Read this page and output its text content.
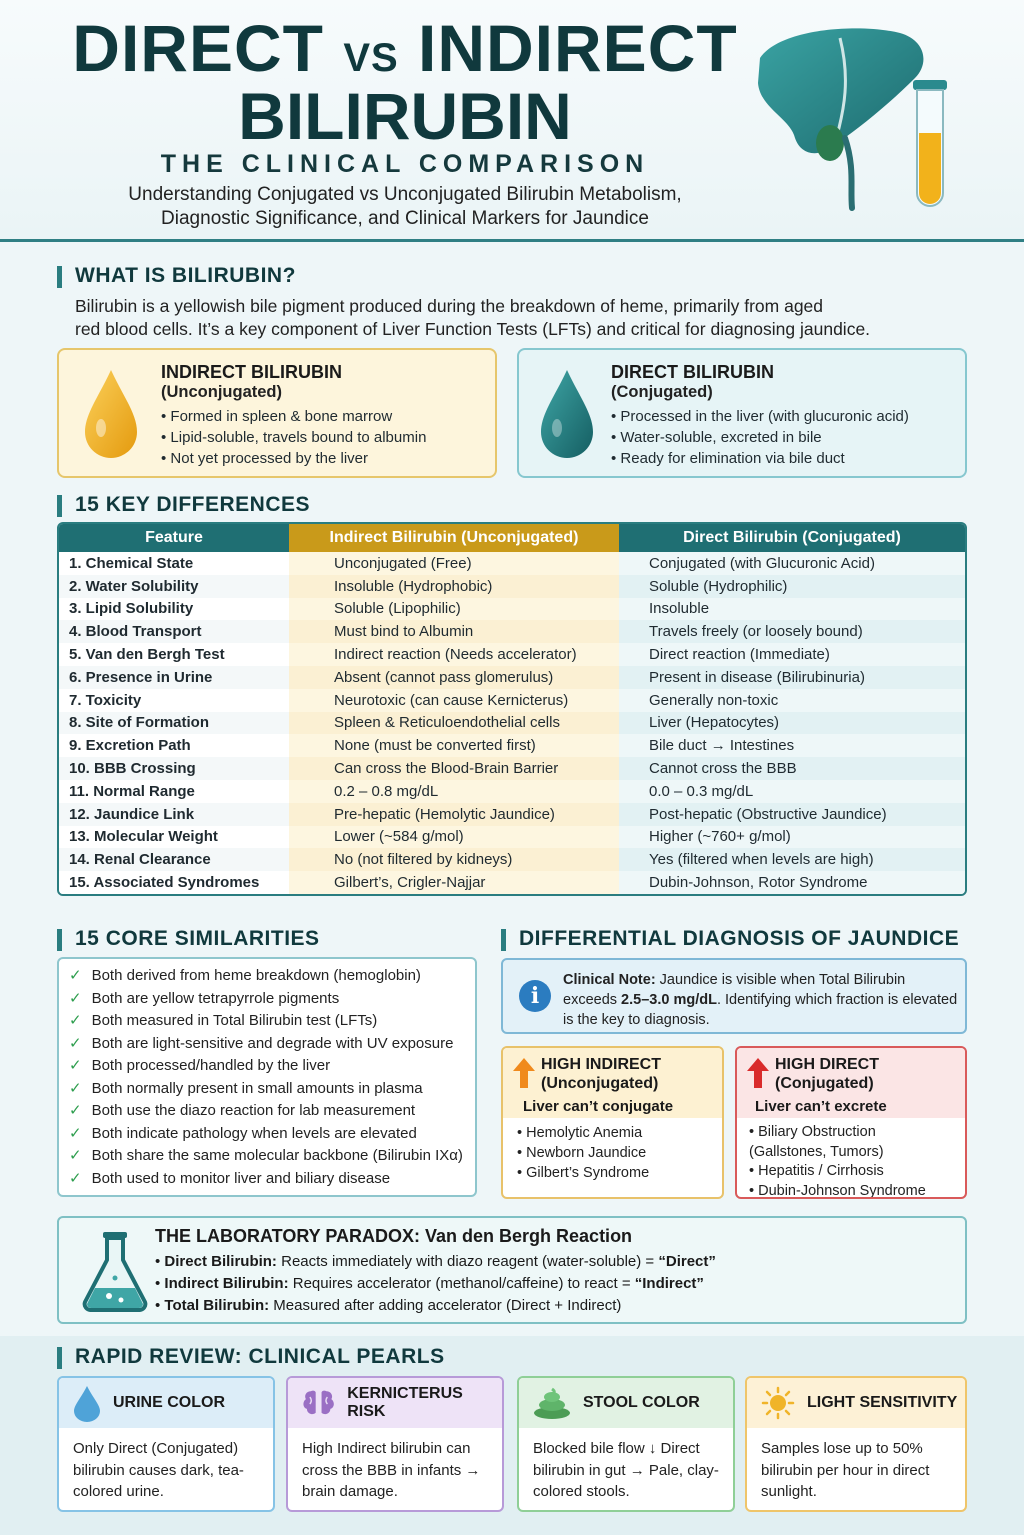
DIRECT VS INDIRECT
BILIRUBIN
THE CLINICAL COMPARISON
Understanding Conjugated vs Unconjugated Bilirubin Metabolism,
Diagnostic Significance, and Clinical Markers for Jaundice
WHAT IS BILIRUBIN?
Bilirubin is a yellowish bile pigment produced during the breakdown of heme, primarily from aged
red blood cells. It’s a key component of Liver Function Tests (LFTs) and critical for diagnosing jaundice.
INDIRECT BILIRUBIN
(Unconjugated)
• Formed in spleen & bone marrow
• Lipid-soluble, travels bound to albumin
• Not yet processed by the liver
DIRECT BILIRUBIN
(Conjugated)
• Processed in the liver (with glucuronic acid)
• Water-soluble, excreted in bile
• Ready for elimination via bile duct
15 KEY DIFFERENCES
Feature	Indirect Bilirubin (Unconjugated)	Direct Bilirubin (Conjugated)
1. Chemical State	Unconjugated (Free)	Conjugated (with Glucuronic Acid)
2. Water Solubility	Insoluble (Hydrophobic)	Soluble (Hydrophilic)
3. Lipid Solubility	Soluble (Lipophilic)	Insoluble
4. Blood Transport	Must bind to Albumin	Travels freely (or loosely bound)
5. Van den Bergh Test	Indirect reaction (Needs accelerator)	Direct reaction (Immediate)
6. Presence in Urine	Absent (cannot pass glomerulus)	Present in disease (Bilirubinuria)
7. Toxicity	Neurotoxic (can cause Kernicterus)	Generally non-toxic
8. Site of Formation	Spleen & Reticuloendothelial cells	Liver (Hepatocytes)
9. Excretion Path	None (must be converted first)	Bile duct → Intestines
10. BBB Crossing	Can cross the Blood-Brain Barrier	Cannot cross the BBB
11. Normal Range	0.2 – 0.8 mg/dL	0.0 – 0.3 mg/dL
12. Jaundice Link	Pre-hepatic (Hemolytic Jaundice)	Post-hepatic (Obstructive Jaundice)
13. Molecular Weight	Lower (~584 g/mol)	Higher (~760+ g/mol)
14. Renal Clearance	No (not filtered by kidneys)	Yes (filtered when levels are high)
15. Associated Syndromes	Gilbert’s, Crigler-Najjar	Dubin-Johnson, Rotor Syndrome
15 CORE SIMILARITIES
✓ Both derived from heme breakdown (hemoglobin)
✓ Both are yellow tetrapyrrole pigments
✓ Both measured in Total Bilirubin test (LFTs)
✓ Both are light-sensitive and degrade with UV exposure
✓ Both processed/handled by the liver
✓ Both normally present in small amounts in plasma
✓ Both use the diazo reaction for lab measurement
✓ Both indicate pathology when levels are elevated
✓ Both share the same molecular backbone (Bilirubin IXα)
✓ Both used to monitor liver and biliary disease
DIFFERENTIAL DIAGNOSIS OF JAUNDICE
i
Clinical Note: Jaundice is visible when Total Bilirubin exceeds 2.5–3.0 mg/dL. Identifying which fraction is elevated is the key to diagnosis.
HIGH INDIRECT
(Unconjugated)
Liver can’t conjugate
• Hemolytic Anemia
• Newborn Jaundice
• Gilbert’s Syndrome
HIGH DIRECT
(Conjugated)
Liver can’t excrete
• Biliary Obstruction (Gallstones, Tumors)
• Hepatitis / Cirrhosis
• Dubin-Johnson Syndrome
THE LABORATORY PARADOX: Van den Bergh Reaction
• Direct Bilirubin: Reacts immediately with diazo reagent (water-soluble) = “Direct”
• Indirect Bilirubin: Requires accelerator (methanol/caffeine) to react = “Indirect”
• Total Bilirubin: Measured after adding accelerator (Direct + Indirect)
RAPID REVIEW: CLINICAL PEARLS
URINE COLOR
Only Direct (Conjugated) bilirubin causes dark, tea-colored urine.
KERNICTERUS RISK
High Indirect bilirubin can cross the BBB in infants → brain damage.
STOOL COLOR
Blocked bile flow ↓ Direct bilirubin in gut → Pale, clay-colored stools.
LIGHT SENSITIVITY
Samples lose up to 50% bilirubin per hour in direct sunlight.
